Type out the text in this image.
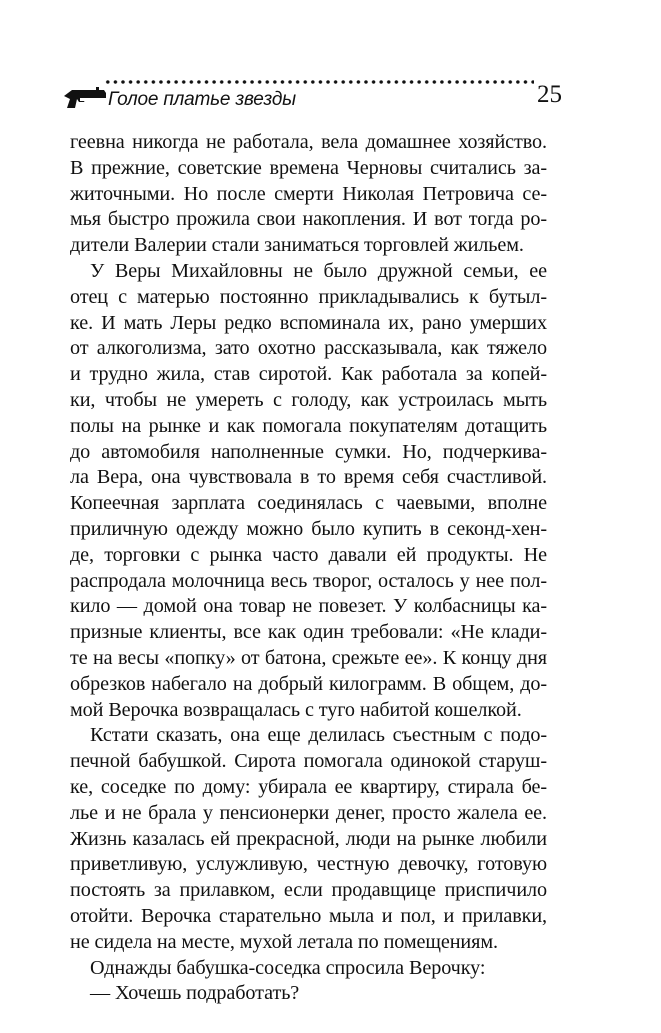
Голое платье звезды	25
геевна никогда не работала, вела домашнее хозяйство.
В прежние, советские времена Черновы считались за-
житочными. Но после смерти Николая Петровича се-
мья быстро прожила свои накопления. И вот тогда ро-
дители Валерии стали заниматься торговлей жильем.
У Веры Михайловны не было дружной семьи, ее
отец с матерью постоянно прикладывались к бутыл-
ке. И мать Леры редко вспоминала их, рано умерших
от алкоголизма, зато охотно рассказывала, как тяжело
и трудно жила, став сиротой. Как работала за копей-
ки, чтобы не умереть с голоду, как устроилась мыть
полы на рынке и как помогала покупателям дотащить
до автомобиля наполненные сумки. Но, подчеркива-
ла Вера, она чувствовала в то время себя счастливой.
Копеечная зарплата соединялась с чаевыми, вполне
приличную одежду можно было купить в секонд-хен-
де, торговки с рынка часто давали ей продукты. Не
распродала молочница весь творог, осталось у нее пол-
кило — домой она товар не повезет. У колбасницы ка-
призные клиенты, все как один требовали: «Не клади-
те на весы «попку» от батона, срежьте ее». К концу дня
обрезков набегало на добрый килограмм. В общем, до-
мой Верочка возвращалась с туго набитой кошелкой.
Кстати сказать, она еще делилась съестным с подо-
печной бабушкой. Сирота помогала одинокой старуш-
ке, соседке по дому: убирала ее квартиру, стирала бе-
лье и не брала у пенсионерки денег, просто жалела ее.
Жизнь казалась ей прекрасной, люди на рынке любили
приветливую, услужливую, честную девочку, готовую
постоять за прилавком, если продавщице приспичило
отойти. Верочка старательно мыла и пол, и прилавки,
не сидела на месте, мухой летала по помещениям.
Однажды бабушка-соседка спросила Верочку:
— Хочешь подработать?
